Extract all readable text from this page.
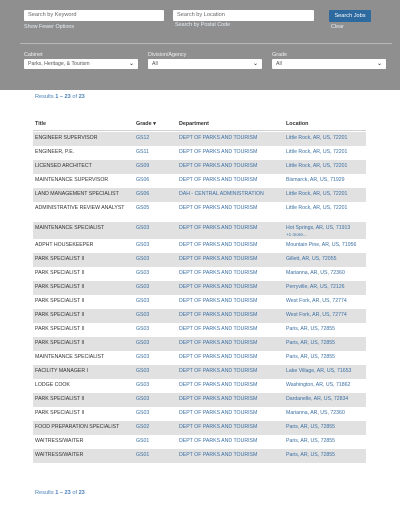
Search by Keyword	Search by Location
Show Fewer Options	Search by Postal Code
Search Jobs
Clear
Cabinet
Parks, Heritage, & Tourism	⌄
Division/Agency
All	⌄
Grade
All	⌄
Results 1 – 23 of 23
Title	Grade ▾	Department	Location
ENGINEER SUPERVISOR	GS12	DEPT OF PARKS AND TOURISM	Little Rock, AR, US, 72201
ENGINEER, P.E.	GS11	DEPT OF PARKS AND TOURISM	Little Rock, AR, US, 72201
LICENSED ARCHITECT	GS09	DEPT OF PARKS AND TOURISM	Little Rock, AR, US, 72201
MAINTENANCE SUPERVISOR	GS06	DEPT OF PARKS AND TOURISM	Bismarck, AR, US, 71929
LAND MANAGEMENT SPECIALIST	GS06	DAH - CENTRAL ADMINISTRATION	Little Rock, AR, US, 72201
ADMINISTRATIVE REVIEW ANALYST	GS05	DEPT OF PARKS AND TOURISM	Little Rock, AR, US, 72201
MAINTENANCE SPECIALIST	GS03	DEPT OF PARKS AND TOURISM	Hot Springs, AR, US, 71913
+1 more...
ADPHT HOUSEKEEPER	GS03	DEPT OF PARKS AND TOURISM	Mountain Pine, AR, US, 71956
PARK SPECIALIST II	GS03	DEPT OF PARKS AND TOURISM	Gillett, AR, US, 72055
PARK SPECIALIST II	GS03	DEPT OF PARKS AND TOURISM	Marianna, AR, US, 72360
PARK SPECIALIST II	GS03	DEPT OF PARKS AND TOURISM	Perryville, AR, US, 72126
PARK SPECIALIST II	GS03	DEPT OF PARKS AND TOURISM	West Fork, AR, US, 72774
PARK SPECIALIST II	GS03	DEPT OF PARKS AND TOURISM	West Fork, AR, US, 72774
PARK SPECIALIST II	GS03	DEPT OF PARKS AND TOURISM	Paris, AR, US, 72855
PARK SPECIALIST II	GS03	DEPT OF PARKS AND TOURISM	Paris, AR, US, 72855
MAINTENANCE SPECIALIST	GS03	DEPT OF PARKS AND TOURISM	Paris, AR, US, 72855
FACILITY MANAGER I	GS03	DEPT OF PARKS AND TOURISM	Lake Village, AR, US, 71653
LODGE COOK	GS03	DEPT OF PARKS AND TOURISM	Washington, AR, US, 71862
PARK SPECIALIST II	GS03	DEPT OF PARKS AND TOURISM	Dardanelle, AR, US, 72834
PARK SPECIALIST II	GS03	DEPT OF PARKS AND TOURISM	Marianna, AR, US, 72360
FOOD PREPARATION SPECIALIST	GS02	DEPT OF PARKS AND TOURISM	Paris, AR, US, 72855
WAITRESS/WAITER	GS01	DEPT OF PARKS AND TOURISM	Paris, AR, US, 72855
WAITRESS/WAITER	GS01	DEPT OF PARKS AND TOURISM	Paris, AR, US, 72855
Results 1 – 23 of 23
